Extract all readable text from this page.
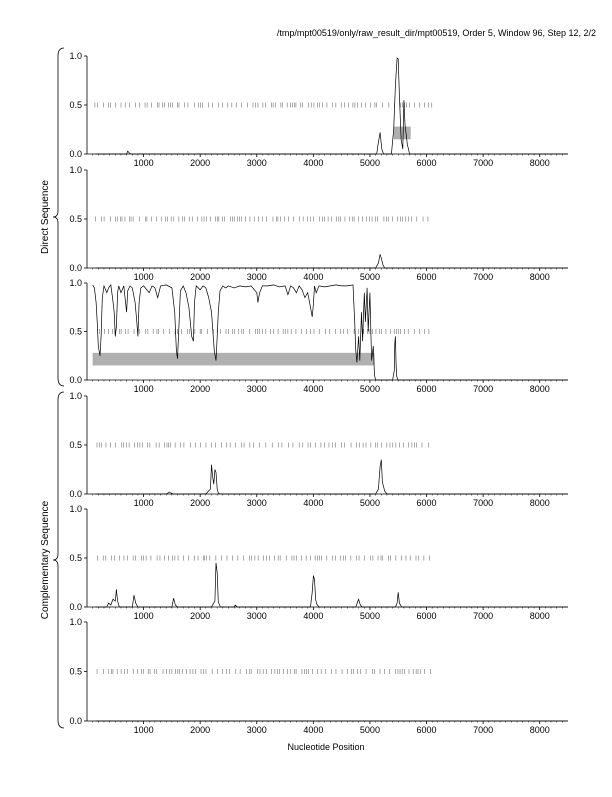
/tmp/mpt00519/only/raw_result_dir/mpt00519, Order 5, Window 96, Step 12, 2/2
0.0
0.5
1.0
1000	2000	3000	4000	5000	6000	7000	8000
0.0
0.5
1.0
1000	2000	3000	4000	5000	6000	7000	8000
0.0
0.5
1.0
1000	2000	3000	4000	5000	6000	7000	8000
0.0
0.5
1.0
1000	2000	3000	4000	5000	6000	7000	8000
0.0
0.5
1.0
1000	2000	3000	4000	5000	6000	7000	8000
0.0
0.5
1.0
1000	2000	3000	4000	5000	6000	7000	8000
Direct Sequence
Complementary Sequence
Nucleotide Position
